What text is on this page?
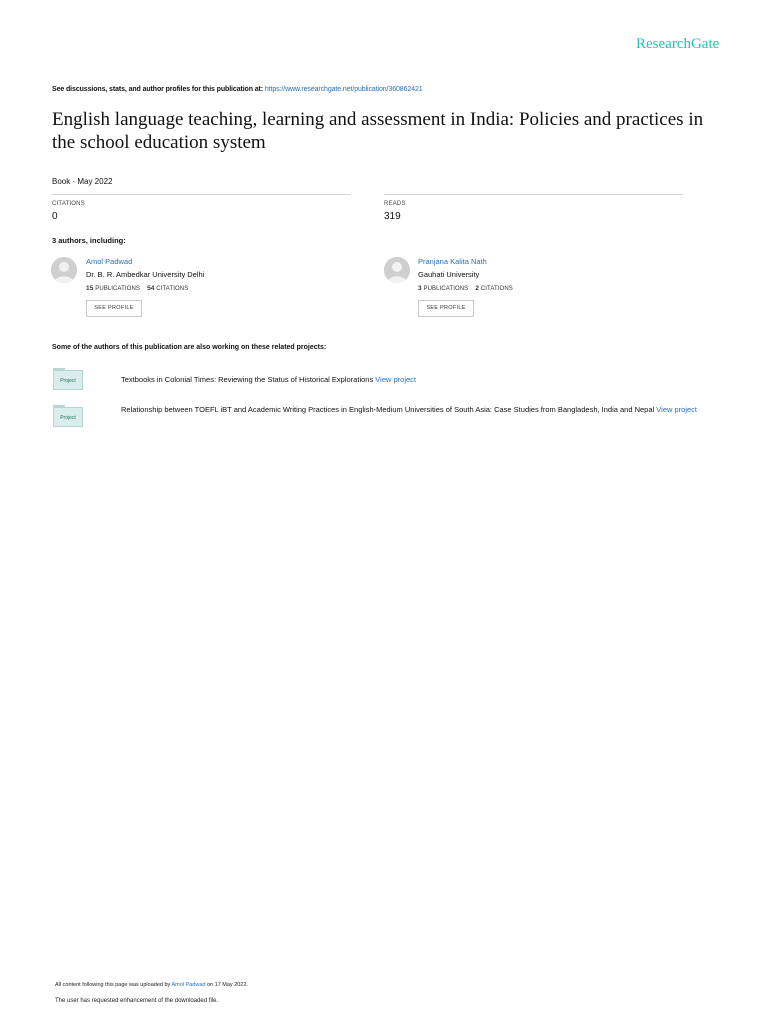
ResearchGate
See discussions, stats, and author profiles for this publication at: https://www.researchgate.net/publication/360862421
English language teaching, learning and assessment in India: Policies and practices in the school education system
Book · May 2022
CITATIONS
0
READS
319
3 authors, including:
Amol Padwad
Dr. B. R. Ambedkar University Delhi
15 PUBLICATIONS 54 CITATIONS
SEE PROFILE
Pranjana Kalita Nath
Gauhati University
3 PUBLICATIONS 2 CITATIONS
SEE PROFILE
Some of the authors of this publication are also working on these related projects:
Project	Textbooks in Colonial Times: Reviewing the Status of Historical Explorations View project
Project
Relationship between TOEFL iBT and Academic Writing Practices in English-Medium Universities of South Asia: Case Studies from Bangladesh, India and Nepal View project
All content following this page was uploaded by Amol Padwad on 17 May 2022.
The user has requested enhancement of the downloaded file.
